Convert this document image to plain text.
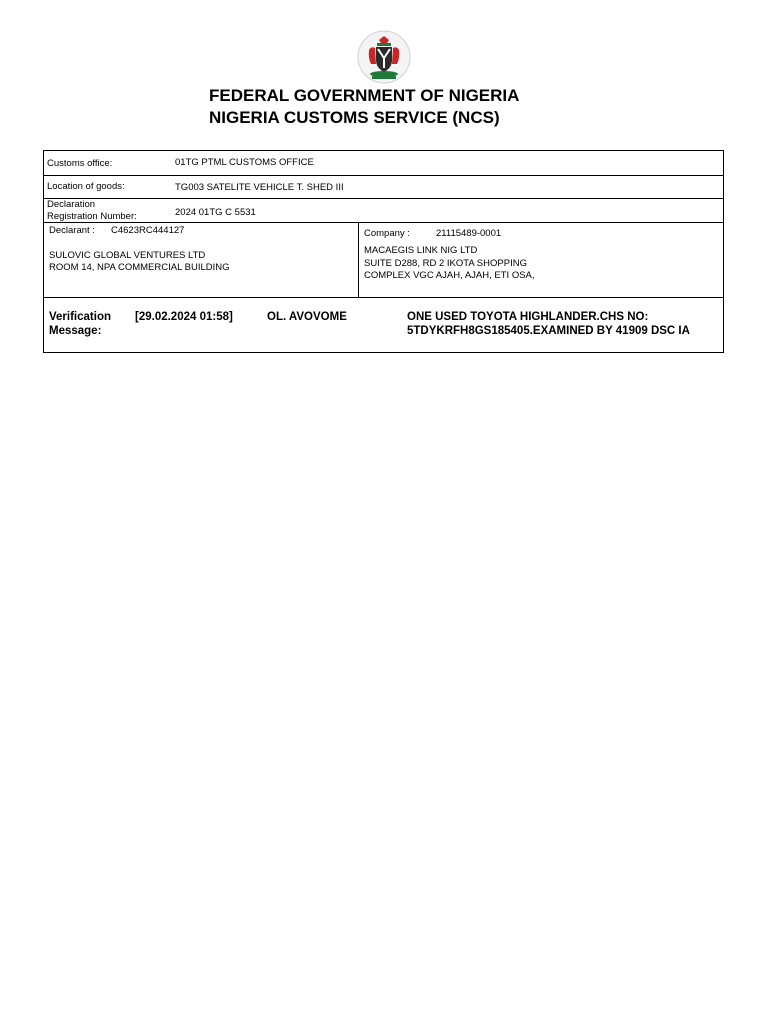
FEDERAL GOVERNMENT OF NIGERIA
NIGERIA CUSTOMS SERVICE (NCS)
Customs office:	01TG PTML CUSTOMS OFFICE
Location of goods:	TG003 SATELITE VEHICLE T. SHED III
Declaration
Registration Number:	2024 01TG C 5531
Declarant : C4623RC444127
SULOVIC GLOBAL VENTURES LTD
ROOM 14, NPA COMMERCIAL BUILDING
Company :	21115489-0001
MACAEGIS LINK NIG LTD
SUITE D288, RD 2 IKOTA SHOPPING
COMPLEX VGC AJAH, AJAH, ETI OSA,
Verification
Message:
[29.02.2024 01:58]	OL. AVOVOME	ONE USED TOYOTA HIGHLANDER.CHS NO:
5TDYKRFH8GS185405.EXAMINED BY 41909 DSC IA
